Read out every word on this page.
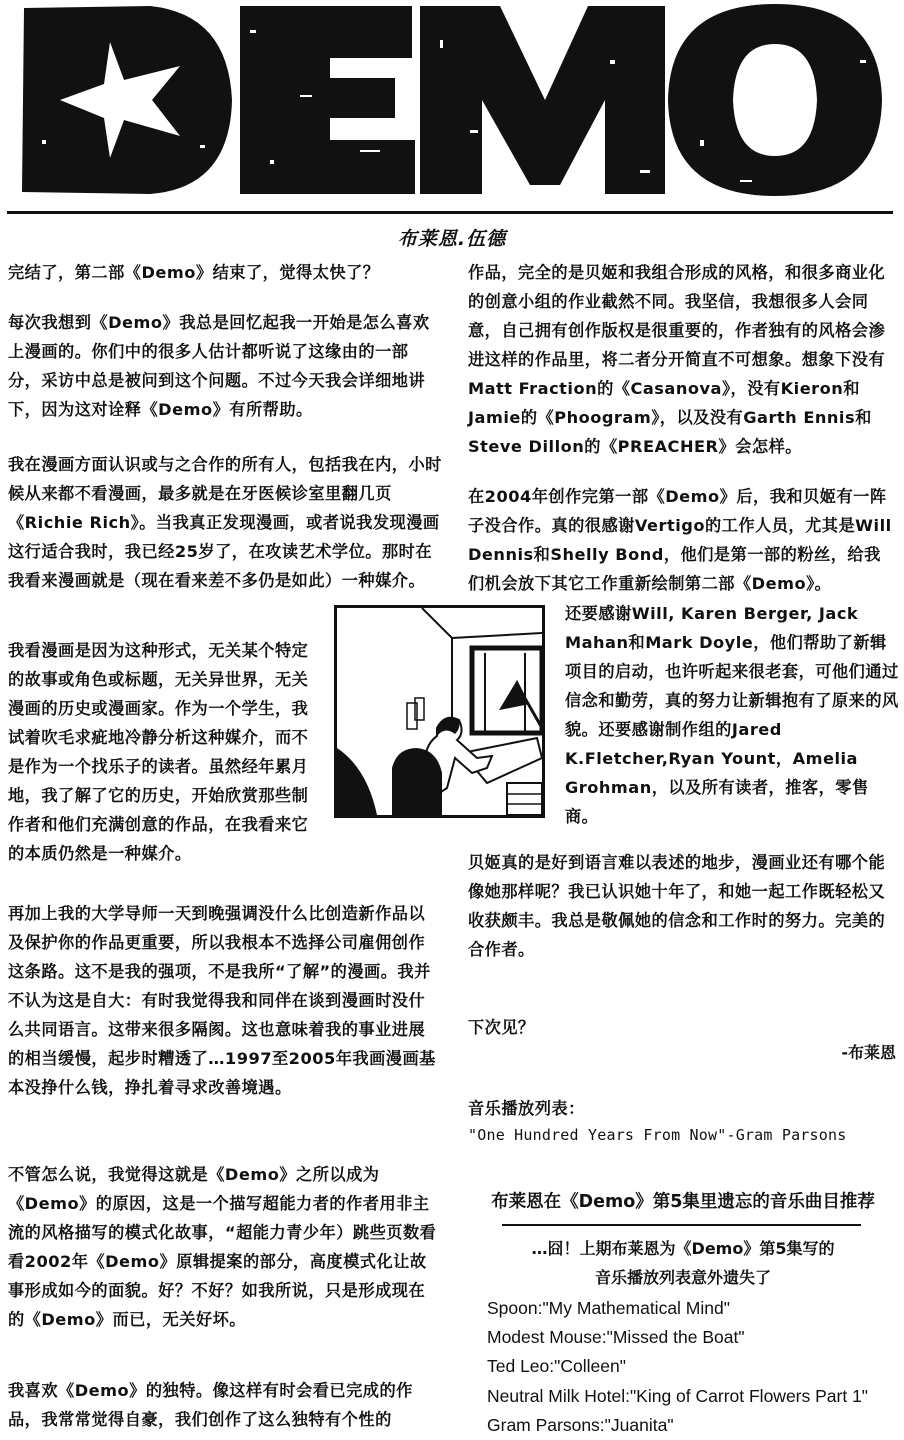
布莱恩.伍德

完结了，第二部《Demo》结束了，觉得太快了？

每次我想到《Demo》我总是回忆起我一开始是怎么喜欢上漫画的。你们中的很多人估计都听说了这缘由的一部分，采访中总是被问到这个问题。不过今天我会详细地讲下，因为这对诠释《Demo》有所帮助。

我在漫画方面认识或与之合作的所有人，包括我在内，小时候从来都不看漫画，最多就是在牙医候诊室里翻几页《Richie Rich》。当我真正发现漫画，或者说我发现漫画这行适合我时，我已经25岁了，在攻读艺术学位。那时在我看来漫画就是（现在看来差不多仍是如此）一种媒介。

我看漫画是因为这种形式，无关某个特定的故事或角色或标题，无关异世界，无关漫画的历史或漫画家。作为一个学生，我试着吹毛求疵地冷静分析这种媒介，而不是作为一个找乐子的读者。虽然经年累月地，我了解了它的历史，开始欣赏那些制作者和他们充满创意的作品，在我看来它的本质仍然是一种媒介。

再加上我的大学导师一天到晚强调没什么比创造新作品以及保护你的作品更重要，所以我根本不选择公司雇佣创作这条路。这不是我的强项，不是我所“了解”的漫画。我并不认为这是自大：有时我觉得我和同伴在谈到漫画时没什么共同语言。这带来很多隔阂。这也意味着我的事业进展的相当缓慢，起步时糟透了…1997至2005年我画漫画基本没挣什么钱，挣扎着寻求改善境遇。

不管怎么说，我觉得这就是《Demo》之所以成为《Demo》的原因，这是一个描写超能力者的作者用非主流的风格描写的模式化故事，“超能力青少年）跳些页数看看2002年《Demo》原辑提案的部分，高度模式化让故事形成如今的面貌。好？不好？如我所说，只是形成现在的《Demo》而已，无关好坏。

我喜欢《Demo》的独特。像这样有时会看已完成的作品，我常常觉得自豪，我们创作了这么独特有个性的

作品，完全的是贝姬和我组合形成的风格，和很多商业化的创意小组的作业截然不同。我坚信，我想很多人会同意，自己拥有创作版权是很重要的，作者独有的风格会渗进这样的作品里，将二者分开简直不可想象。想象下没有Matt Fraction的《Casanova》，没有Kieron和Jamie的《Phoogram》，以及没有Garth Ennis和Steve Dillon的《PREACHER》会怎样。

在2004年创作完第一部《Demo》后，我和贝姬有一阵子没合作。真的很感谢Vertigo的工作人员，尤其是Will Dennis和Shelly Bond，他们是第一部的粉丝，给我们机会放下其它工作重新绘制第二部《Demo》。

还要感谢Will, Karen Berger, Jack Mahan和Mark Doyle，他们帮助了新辑项目的启动，也许听起来很老套，可他们通过信念和勤劳，真的努力让新辑抱有了原来的风貌。还要感谢制作组的Jared K.Fletcher,Ryan Yount，Amelia Grohman，以及所有读者，推客，零售商。

贝姬真的是好到语言难以表述的地步，漫画业还有哪个能像她那样呢？我已认识她十年了，和她一起工作既轻松又收获颇丰。我总是敬佩她的信念和工作时的努力。完美的合作者。

下次见？

-布莱恩

音乐播放列表：

"One Hundred Years From Now"-Gram Parsons

布莱恩在《Demo》第5集里遗忘的音乐曲目推荐
…囧！上期布莱恩为《Demo》第5集写的
音乐播放列表意外遗失了
Spoon:"My Mathematical Mind"
Modest Mouse:"Missed the Boat"
Ted Leo:"Colleen"
Neutral Milk Hotel:"King of Carrot Flowers Part 1"
Gram Parsons:"Juanita"
